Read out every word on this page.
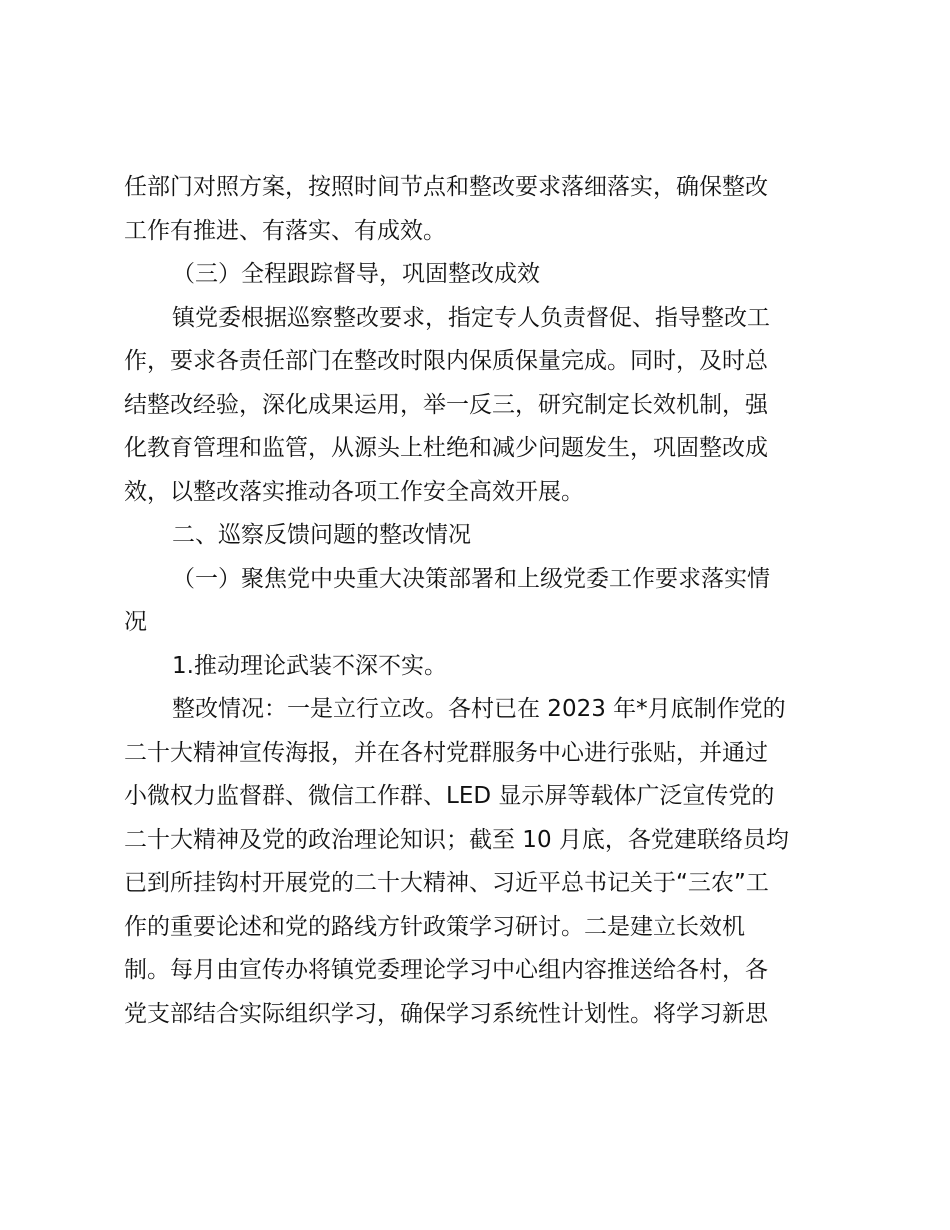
任部门对照方案，按照时间节点和整改要求落细落实，确保整改
工作有推进、有落实、有成效。

（三）全程跟踪督导，巩固整改成效

镇党委根据巡察整改要求，指定专人负责督促、指导整改工
作，要求各责任部门在整改时限内保质保量完成。同时，及时总
结整改经验，深化成果运用，举一反三，研究制定长效机制，强
化教育管理和监管，从源头上杜绝和减少问题发生，巩固整改成
效，以整改落实推动各项工作安全高效开展。

二、巡察反馈问题的整改情况

（一）聚焦党中央重大决策部署和上级党委工作要求落实情
况

1.推动理论武装不深不实。

整改情况：一是立行立改。各村已在 2023 年*月底制作党的
二十大精神宣传海报，并在各村党群服务中心进行张贴，并通过
小微权力监督群、微信工作群、LED 显示屏等载体广泛宣传党的
二十大精神及党的政治理论知识；截至 10 月底，各党建联络员均
已到所挂钩村开展党的二十大精神、习近平总书记关于“三农”工
作的重要论述和党的路线方针政策学习研讨。二是建立长效机
制。每月由宣传办将镇党委理论学习中心组内容推送给各村，各
党支部结合实际组织学习，确保学习系统性计划性。将学习新思
